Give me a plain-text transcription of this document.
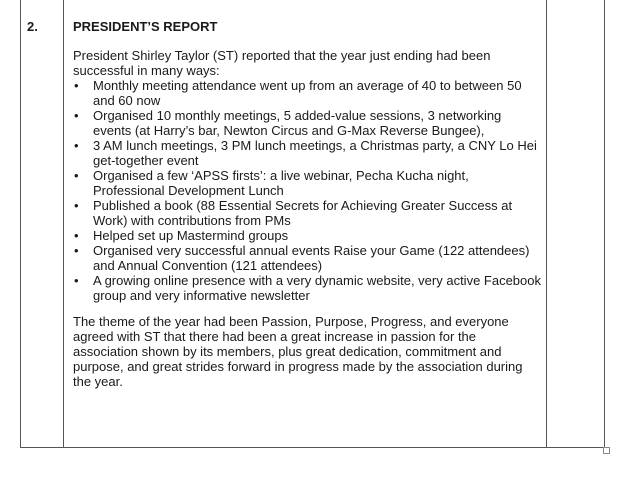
2.	PRESIDENT’S REPORT

President Shirley Taylor (ST) reported that the year just ending had been successful in many ways:

• Monthly meeting attendance went up from an average of 40 to between 50 and 60 now
• Organised 10 monthly meetings, 5 added-value sessions, 3 networking events (at Harry’s bar, Newton Circus and G-Max Reverse Bungee),
• 3 AM lunch meetings, 3 PM lunch meetings, a Christmas party, a CNY Lo Hei get-together event
• Organised a few ‘APSS firsts’: a live webinar, Pecha Kucha night, Professional Development Lunch
• Published a book (88 Essential Secrets for Achieving Greater Success at Work) with contributions from PMs
• Helped set up Mastermind groups
• Organised very successful annual events Raise your Game (122 attendees) and Annual Convention (121 attendees)
• A growing online presence with a very dynamic website, very active Facebook group and very informative newsletter

The theme of the year had been Passion, Purpose, Progress, and everyone agreed with ST that there had been a great increase in passion for the association shown by its members, plus great dedication, commitment and purpose, and great strides forward in progress made by the association during the year.
